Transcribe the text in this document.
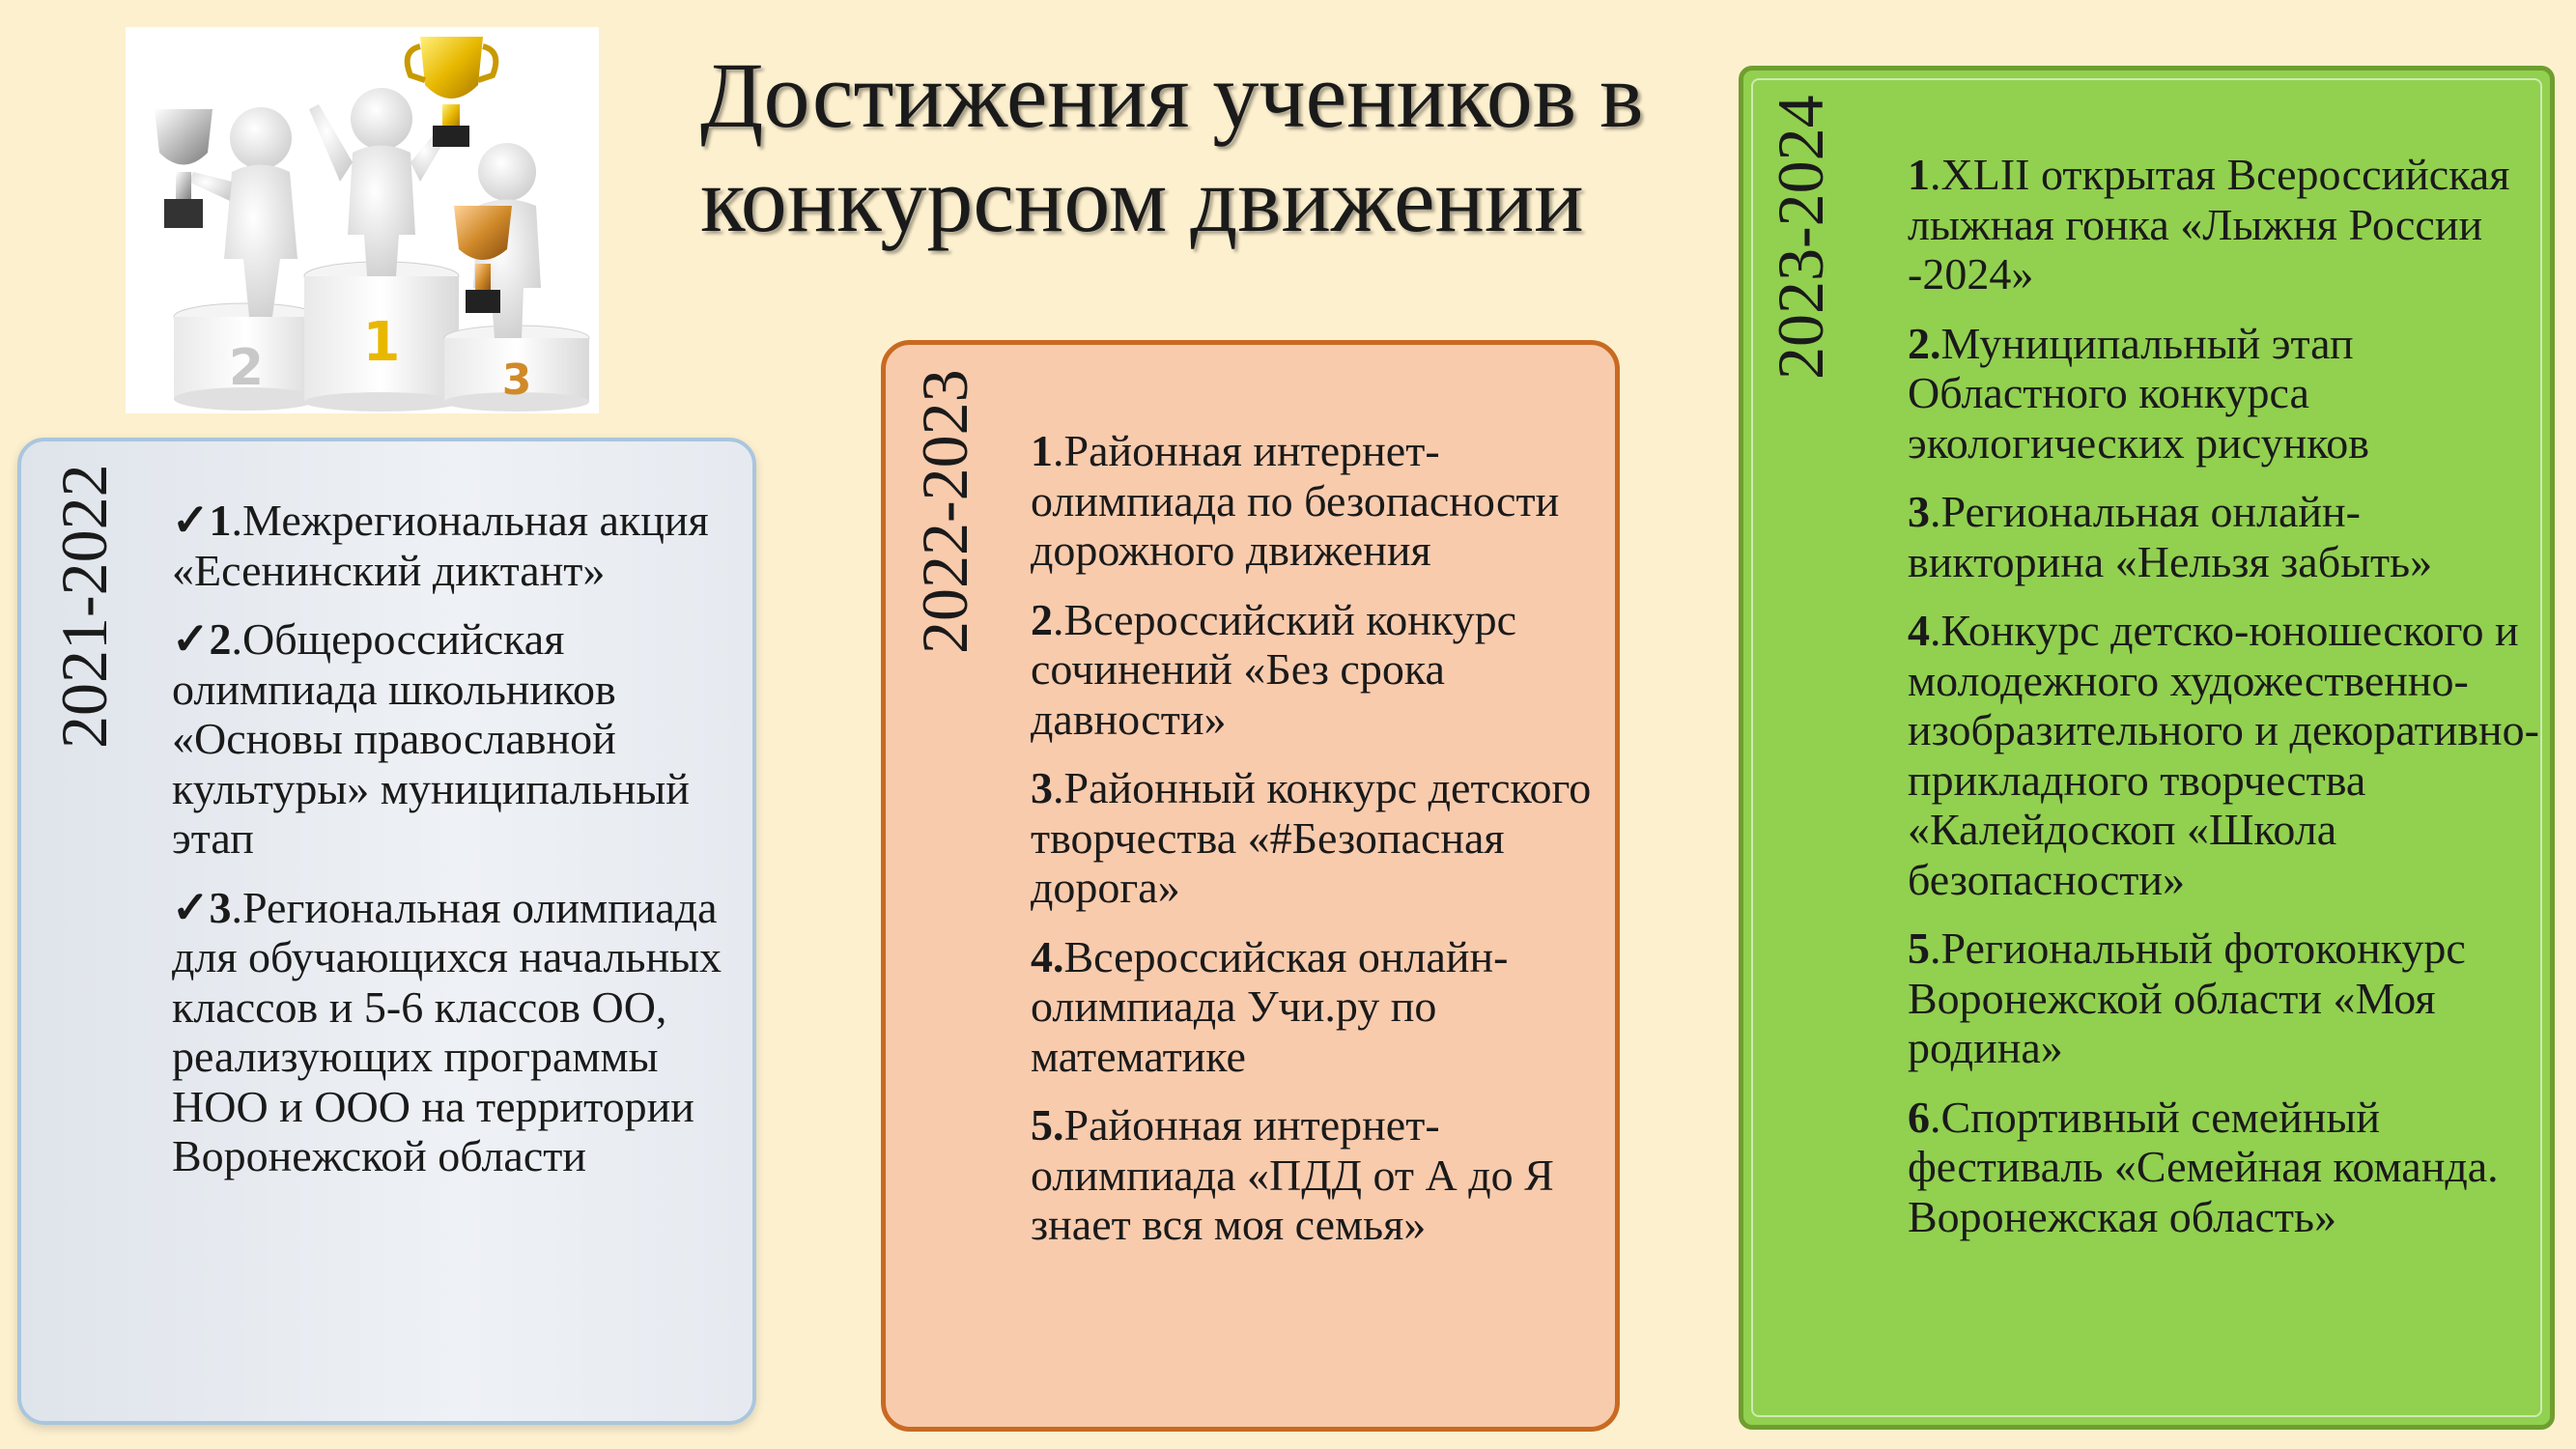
2 1
3
Достижения учеников в конкурсном движении
2021-2022 ✓1.Межрегиональная акция «Есенинский диктант»
✓2.Общероссийская олимпиада школьников «Основы православной культуры» муниципальный этап
✓3.Региональная олимпиада для обучающихся начальных классов и 5-6 классов ОО, реализующих программы НОО и ООО на территории Воронежской области
2022-2023 1.Районная интернет-олимпиада по безопасности дорожного движения
2.Всероссийский конкурс сочинений «Без срока давности»
3.Районный конкурс детского творчества «#Безопасная дорога»
4.Всероссийская онлайн-олимпиада Учи.ру по математике
5.Районная интернет-олимпиада «ПДД от А до Я знает вся моя семья»
2023-2024 1.XLII открытая Всероссийская лыжная гонка «Лыжня России -2024»
2.Муниципальный этап Областного конкурса экологических рисунков
3.Региональная онлайн-викторина «Нельзя забыть»
4.Конкурс детско-юношеского и молодежного художественно-изобразительного и декоративно-прикладного творчества «Калейдоскоп «Школа безопасности»
5.Региональный фотоконкурс Воронежской области «Моя родина»
6.Спортивный семейный фестиваль «Семейная команда. Воронежская область»
